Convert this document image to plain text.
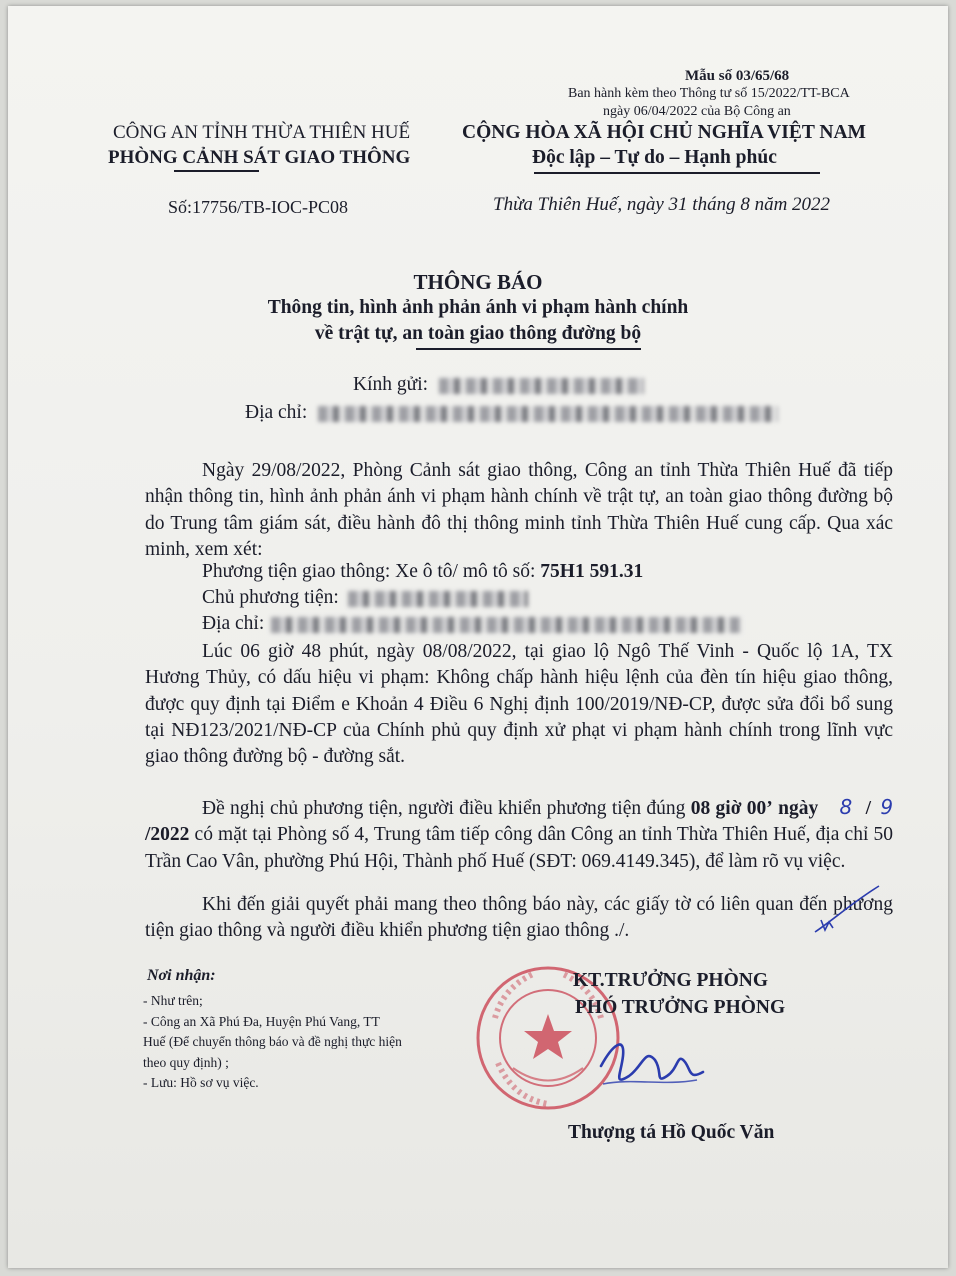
Mẫu số 03/65/68
Ban hành kèm theo Thông tư số 15/2022/TT-BCA
ngày 06/04/2022 của Bộ Công an
CÔNG AN TỈNH THỪA THIÊN HUẾ
PHÒNG CẢNH SÁT GIAO THÔNG
Số:17756/TB-IOC-PC08
CỘNG HÒA XÃ HỘI CHỦ NGHĨA VIỆT NAM
Độc lập – Tự do – Hạnh phúc
Thừa Thiên Huế, ngày 31 tháng 8 năm 2022
THÔNG BÁO
Thông tin, hình ảnh phản ánh vi phạm hành chính
về trật tự, an toàn giao thông đường bộ
Kính gửi:
Địa chỉ:
Ngày 29/08/2022, Phòng Cảnh sát giao thông, Công an tỉnh Thừa Thiên Huế đã tiếp nhận thông tin, hình ảnh phản ánh vi phạm hành chính về trật tự, an toàn giao thông đường bộ do Trung tâm giám sát, điều hành đô thị thông minh tỉnh Thừa Thiên Huế cung cấp. Qua xác minh, xem xét:
Phương tiện giao thông: Xe ô tô/ mô tô số: 75H1 591.31
Chủ phương tiện:
Địa chỉ:
Lúc 06 giờ 48 phút, ngày 08/08/2022, tại giao lộ Ngô Thế Vinh - Quốc lộ 1A, TX Hương Thủy, có dấu hiệu vi phạm: Không chấp hành hiệu lệnh của đèn tín hiệu giao thông, được quy định tại Điểm e Khoản 4 Điều 6 Nghị định 100/2019/NĐ-CP, được sửa đổi bổ sung tại NĐ123/2021/NĐ-CP của Chính phủ quy định xử phạt vi phạm hành chính trong lĩnh vực giao thông đường bộ - đường sắt.
Đề nghị chủ phương tiện, người điều khiển phương tiện đúng 08 giờ 00’ ngày 8 / 9 /2022 có mặt tại Phòng số 4, Trung tâm tiếp công dân Công an tỉnh Thừa Thiên Huế, địa chỉ 50 Trần Cao Vân, phường Phú Hội, Thành phố Huế (SĐT: 069.4149.345), để làm rõ vụ việc.
Khi đến giải quyết phải mang theo thông báo này, các giấy tờ có liên quan đến phương tiện giao thông và người điều khiển phương tiện giao thông ./.
Nơi nhận:
- Như trên;
- Công an Xã Phú Đa, Huyện Phú Vang, TT
Huế (Để chuyển thông báo và đề nghị thực hiện
theo quy định) ;
- Lưu: Hồ sơ vụ việc.
KT.TRƯỞNG PHÒNG
PHÓ TRƯỞNG PHÒNG
Thượng tá Hồ Quốc Văn
